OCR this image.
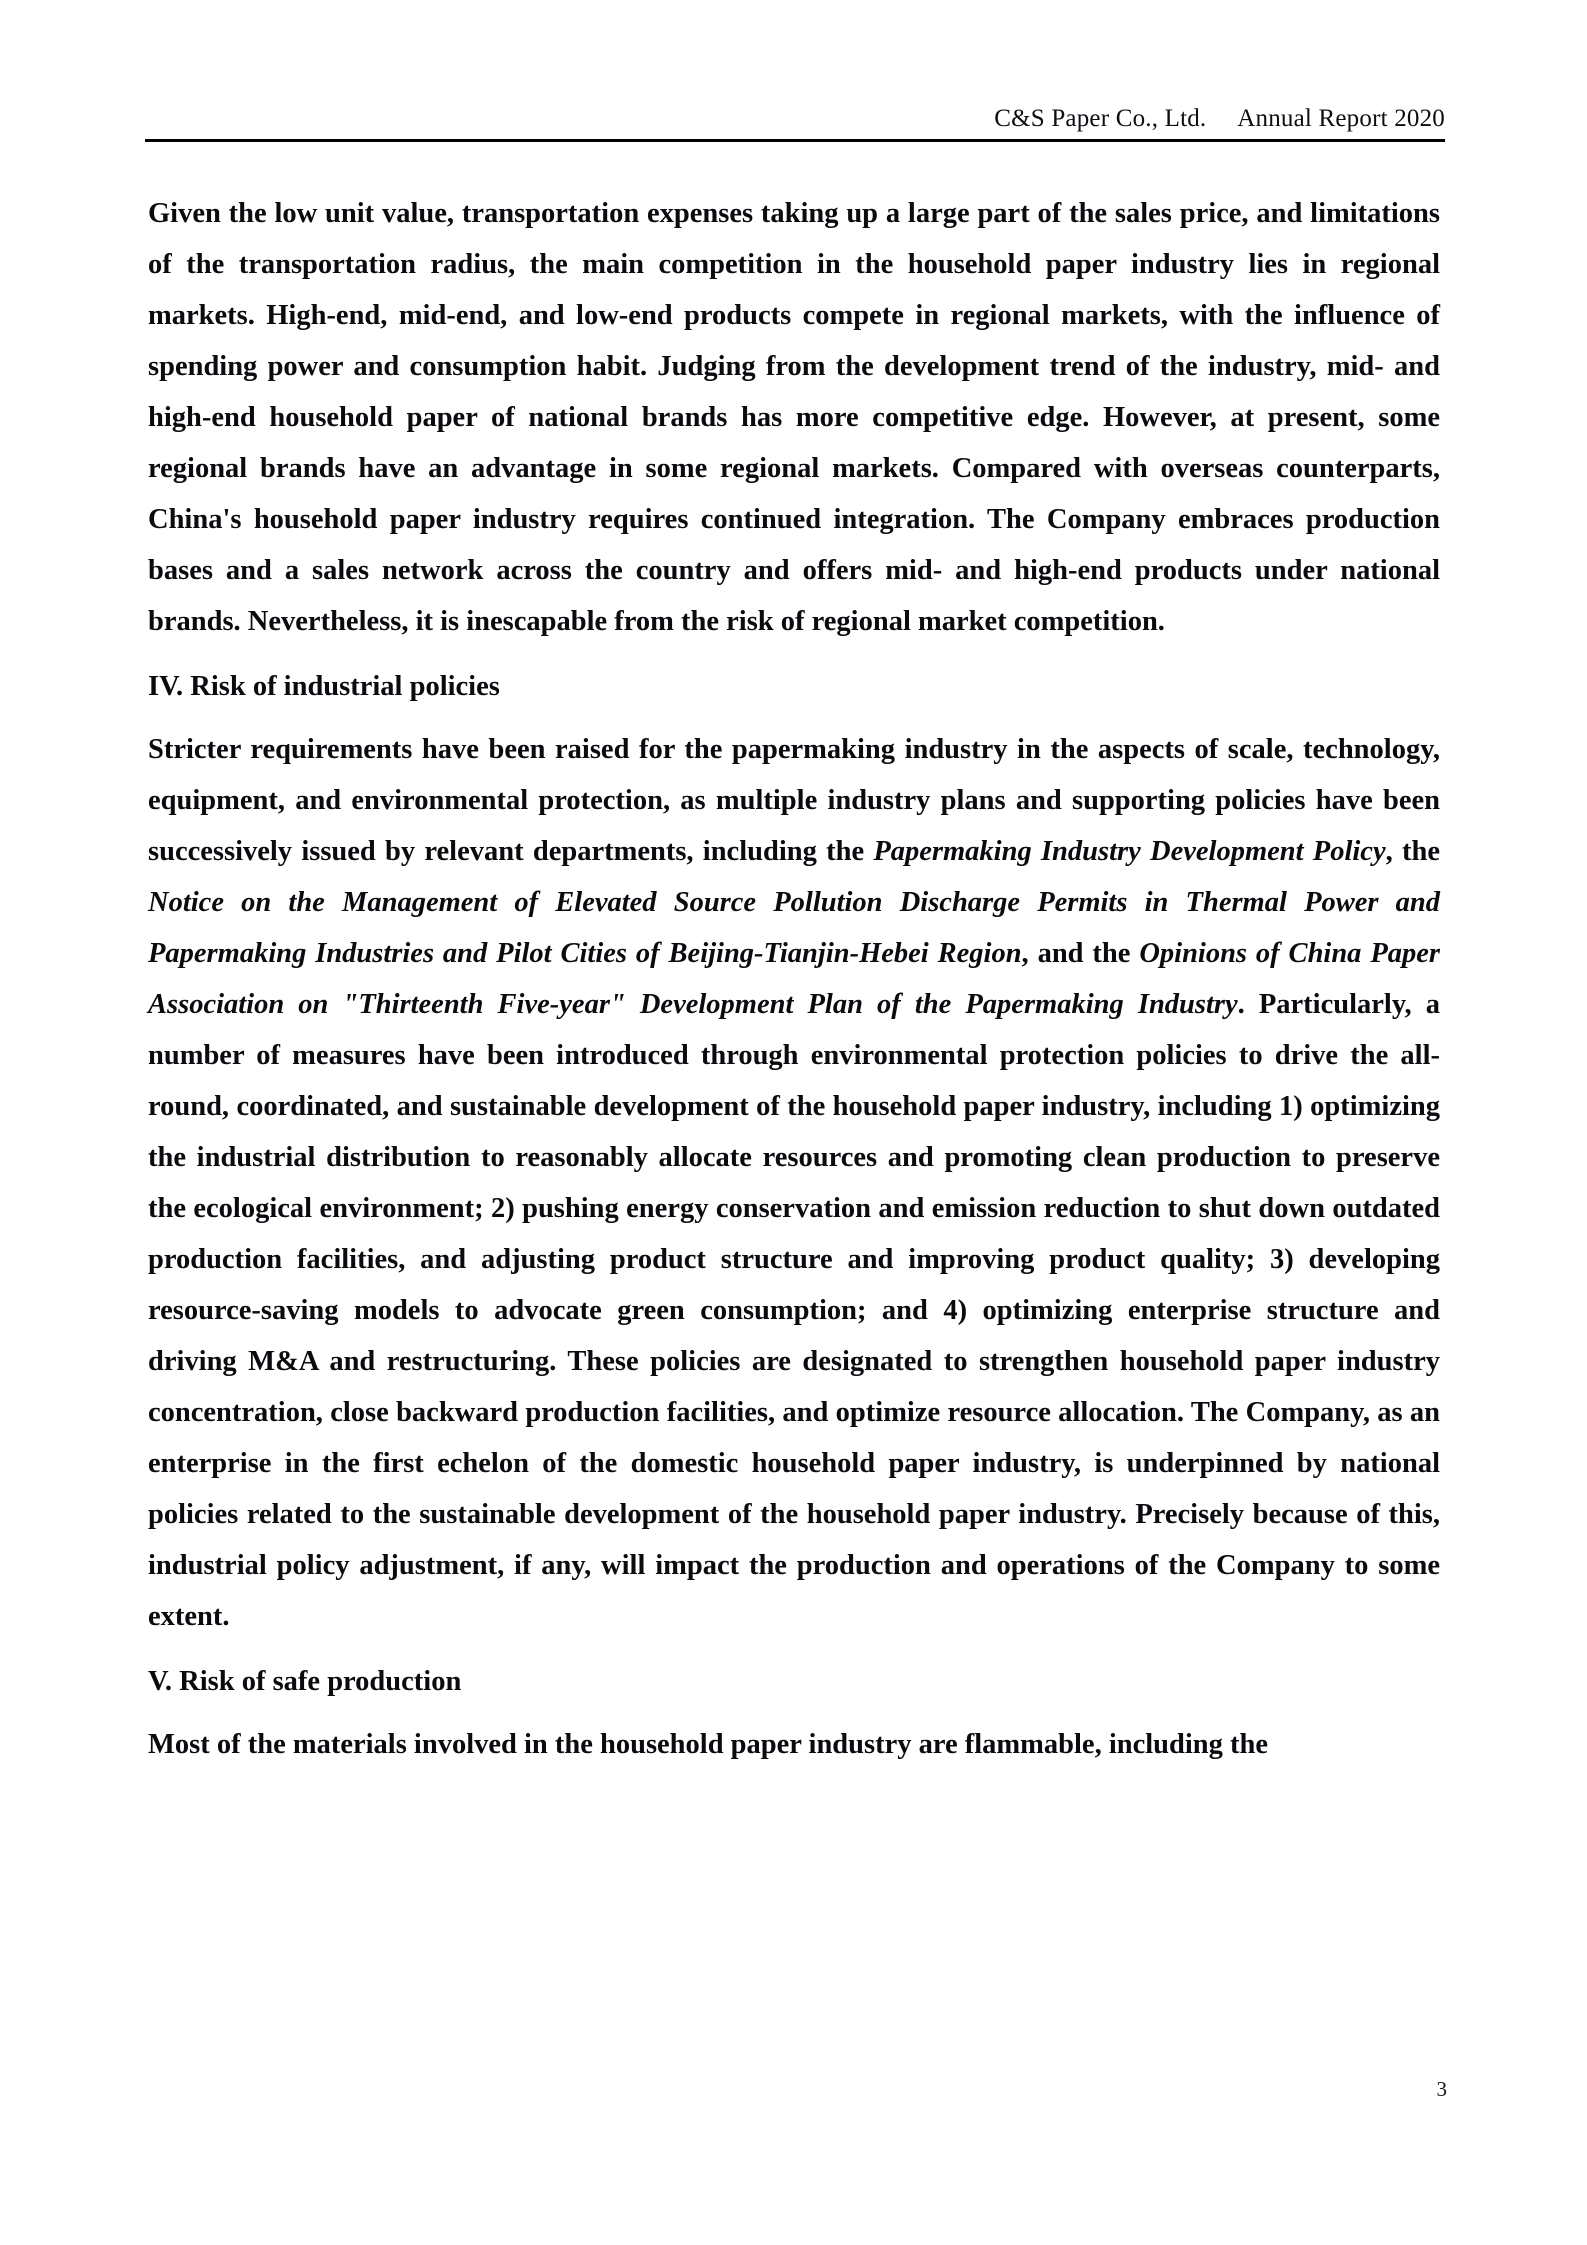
C&S Paper Co., Ltd.     Annual Report 2020

Given the low unit value, transportation expenses taking up a large part of the sales price, and limitations of the transportation radius, the main competition in the household paper industry lies in regional markets. High-end, mid-end, and low-end products compete in regional markets, with the influence of spending power and consumption habit. Judging from the development trend of the industry, mid- and high-end household paper of national brands has more competitive edge. However, at present, some regional brands have an advantage in some regional markets. Compared with overseas counterparts, China's household paper industry requires continued integration. The Company embraces production bases and a sales network across the country and offers mid- and high-end products under national brands. Nevertheless, it is inescapable from the risk of regional market competition.

IV. Risk of industrial policies

Stricter requirements have been raised for the papermaking industry in the aspects of scale, technology, equipment, and environmental protection, as multiple industry plans and supporting policies have been successively issued by relevant departments, including the Papermaking Industry Development Policy, the Notice on the Management of Elevated Source Pollution Discharge Permits in Thermal Power and Papermaking Industries and Pilot Cities of Beijing-Tianjin-Hebei Region, and the Opinions of China Paper Association on "Thirteenth Five-year" Development Plan of the Papermaking Industry. Particularly, a number of measures have been introduced through environmental protection policies to drive the all-round, coordinated, and sustainable development of the household paper industry, including 1) optimizing the industrial distribution to reasonably allocate resources and promoting clean production to preserve the ecological environment; 2) pushing energy conservation and emission reduction to shut down outdated production facilities, and adjusting product structure and improving product quality; 3) developing resource-saving models to advocate green consumption; and 4) optimizing enterprise structure and driving M&A and restructuring. These policies are designated to strengthen household paper industry concentration, close backward production facilities, and optimize resource allocation. The Company, as an enterprise in the first echelon of the domestic household paper industry, is underpinned by national policies related to the sustainable development of the household paper industry. Precisely because of this, industrial policy adjustment, if any, will impact the production and operations of the Company to some extent.

V. Risk of safe production

Most of the materials involved in the household paper industry are flammable, including the

3
